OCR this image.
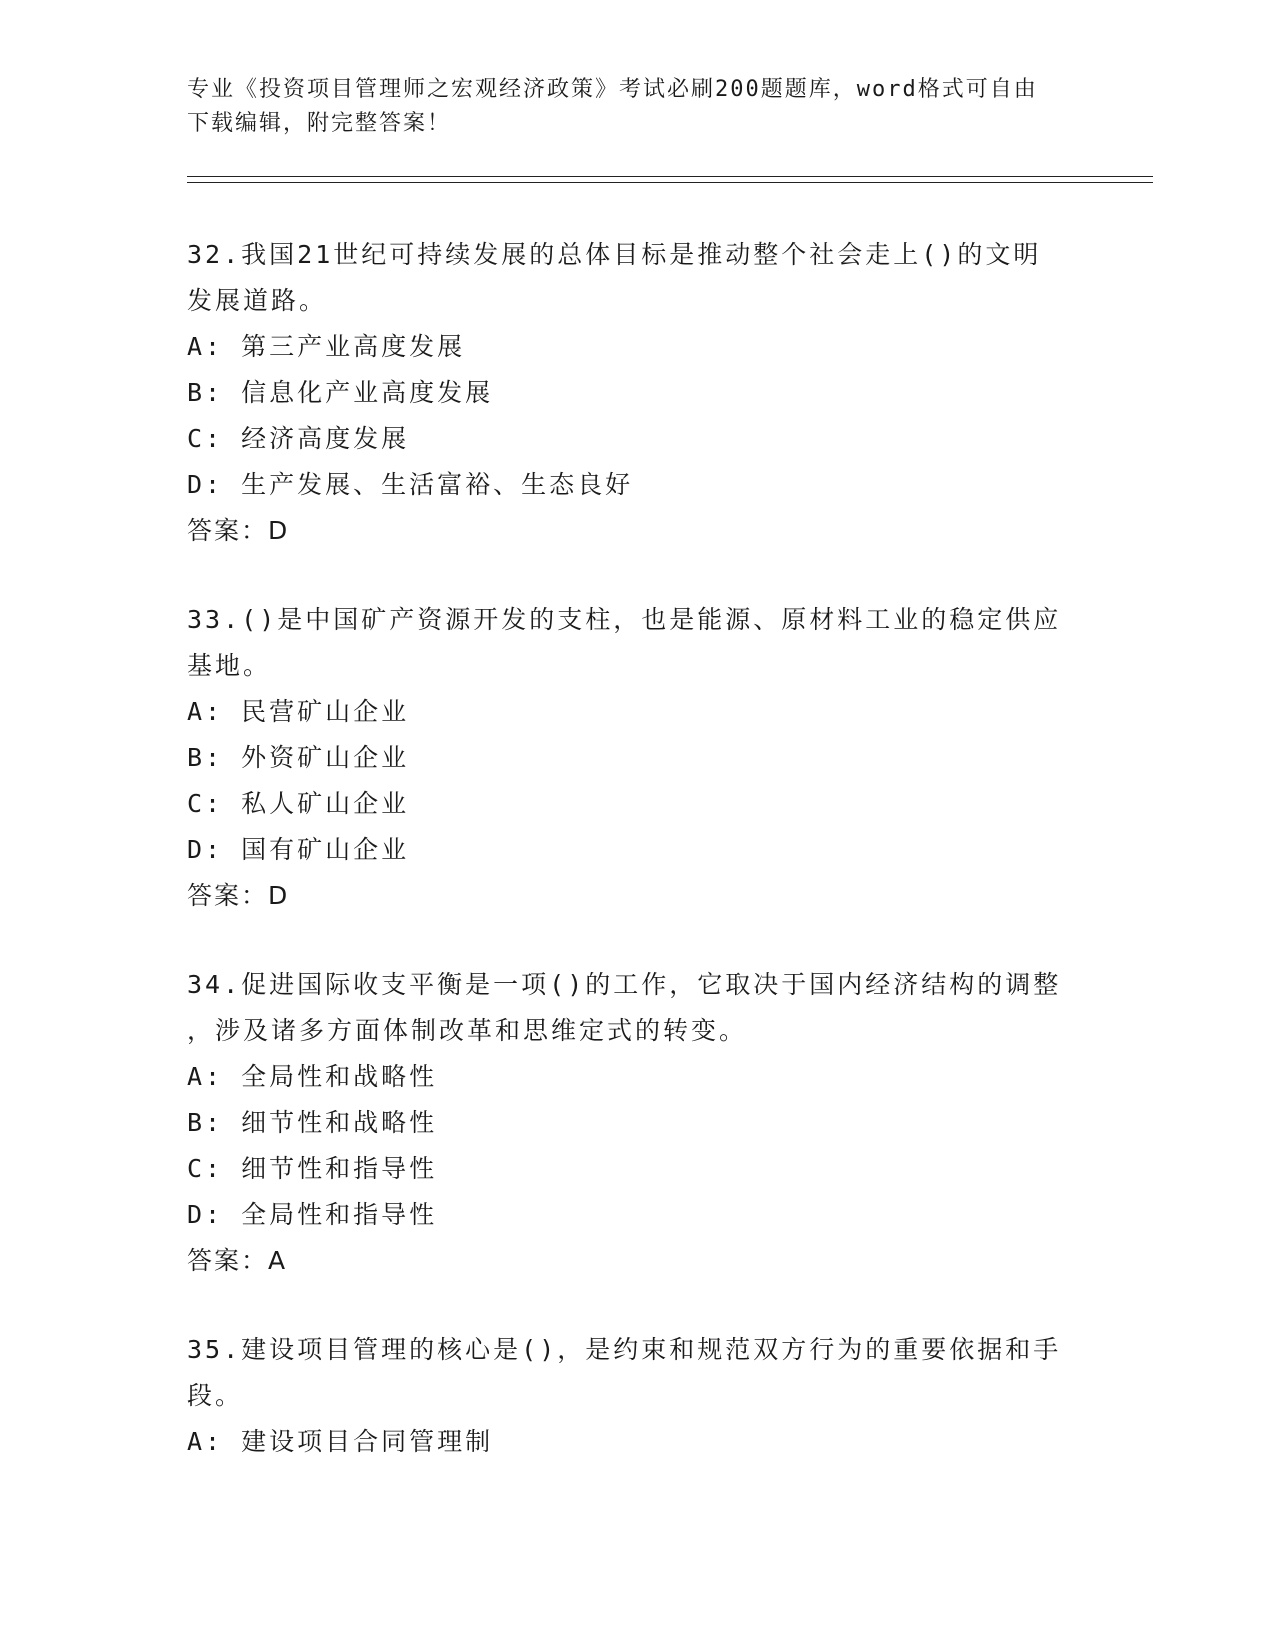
专业《投资项目管理师之宏观经济政策》考试必刷200题题库，word格式可自由
下载编辑，附完整答案！

32.我国21世纪可持续发展的总体目标是推动整个社会走上()的文明
发展道路。

A: 第三产业高度发展

B: 信息化产业高度发展

C: 经济高度发展

D: 生产发展、生活富裕、生态良好

答案：D

33.()是中国矿产资源开发的支柱，也是能源、原材料工业的稳定供应
基地。

A: 民营矿山企业

B: 外资矿山企业

C: 私人矿山企业

D: 国有矿山企业

答案：D

34.促进国际收支平衡是一项()的工作，它取决于国内经济结构的调整
，涉及诸多方面体制改革和思维定式的转变。

A: 全局性和战略性

B: 细节性和战略性

C: 细节性和指导性

D: 全局性和指导性

答案：A

35.建设项目管理的核心是()，是约束和规范双方行为的重要依据和手
段。

A: 建设项目合同管理制
